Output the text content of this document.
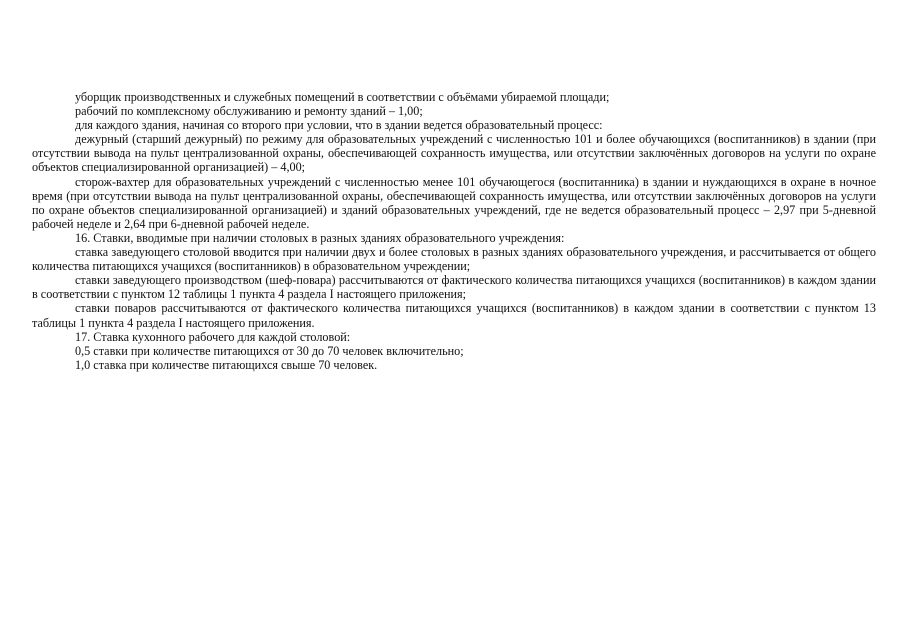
уборщик производственных и служебных помещений в соответствии с объёмами убираемой площади;

рабочий по комплексному обслуживанию и ремонту зданий – 1,00;

для каждого здания, начиная со второго при условии, что в здании ведется образовательный процесс:

дежурный (старший дежурный) по режиму для образовательных учреждений с численностью 101 и более обучающихся (воспитанников) в здании (при отсутствии вывода на пульт централизованной охраны, обеспечивающей сохранность имущества, или отсутствии заключённых договоров на услуги по охране объектов специализированной организацией) – 4,00;

сторож-вахтер для образовательных учреждений с численностью менее 101 обучающегося (воспитанника) в здании и нуждающихся в охране в ночное время (при отсутствии вывода на пульт централизованной охраны, обеспечивающей сохранность имущества, или отсутствии заключённых договоров на услуги по охране объектов специализированной организацией) и зданий образовательных учреждений, где не ведется образовательный процесс – 2,97 при 5-дневной рабочей неделе и 2,64 при 6-дневной рабочей неделе.

16. Ставки, вводимые при наличии столовых в разных зданиях образовательного учреждения:

ставка заведующего столовой вводится при наличии двух и более столовых в разных зданиях образовательного учреждения, и рассчитывается от общего количества питающихся учащихся (воспитанников) в образовательном учреждении;

ставки заведующего производством (шеф-повара) рассчитываются от фактического количества питающихся учащихся (воспитанников) в каждом здании в соответствии с пунктом 12 таблицы 1 пункта 4 раздела I настоящего приложения;

ставки поваров рассчитываются от фактического количества питающихся учащихся (воспитанников) в каждом здании в соответствии с пунктом 13 таблицы 1 пункта 4 раздела I настоящего приложения.

17. Ставка кухонного рабочего для каждой столовой:

0,5 ставки при количестве питающихся от 30 до 70 человек включительно;

1,0 ставка при количестве питающихся свыше 70 человек.
